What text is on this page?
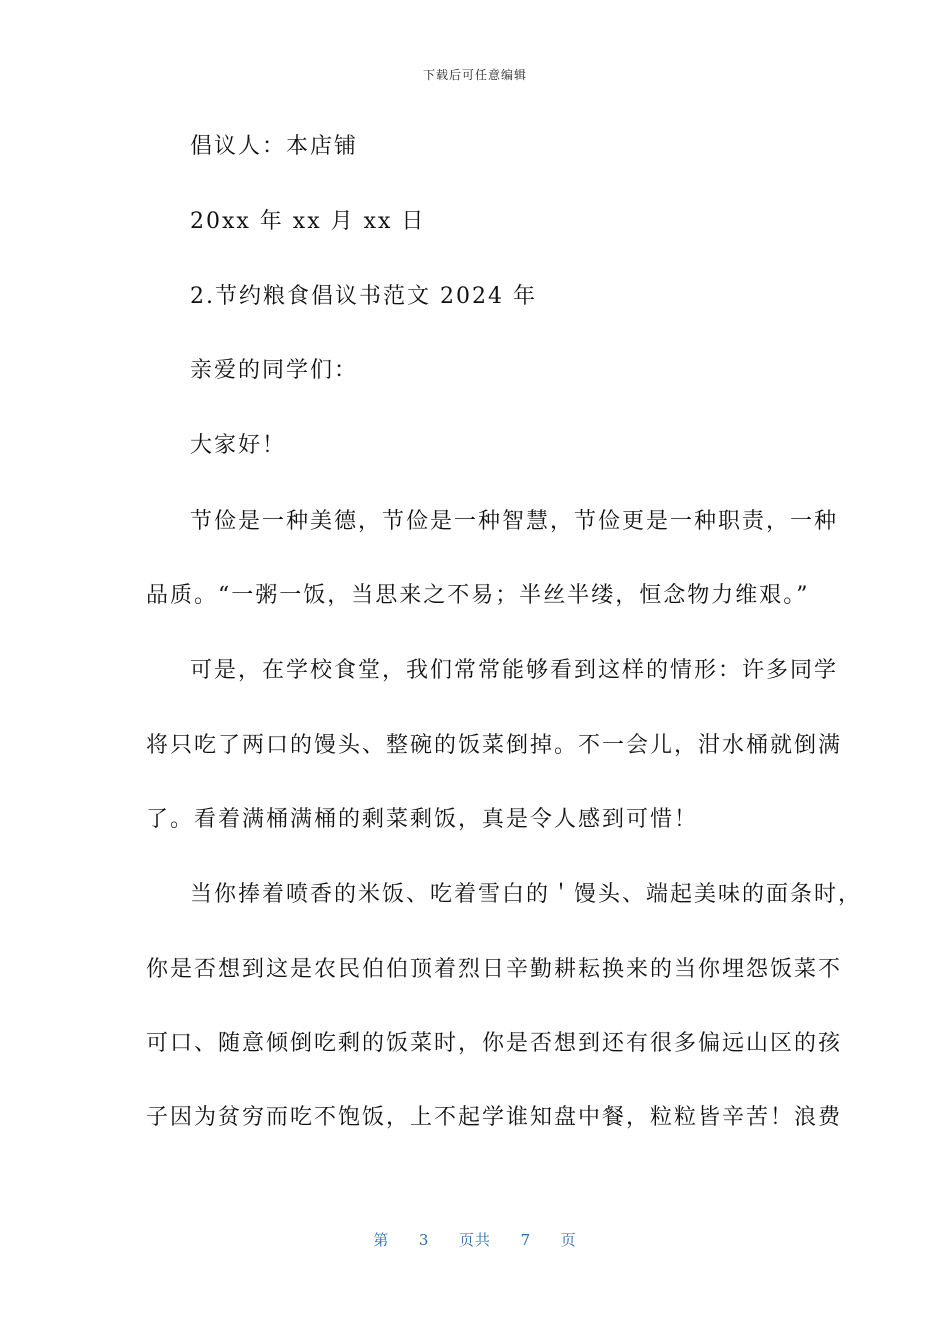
下载后可任意编辑
倡议人：本店铺
20xx 年 xx 月 xx 日
2.节约粮食倡议书范文 2024 年
亲爱的同学们：
大家好！
节俭是一种美德，节俭是一种智慧，节俭更是一种职责，一种
品质。“一粥一饭，当思来之不易；半丝半缕，恒念物力维艰。”
可是，在学校食堂，我们常常能够看到这样的情形：许多同学
将只吃了两口的馒头、整碗的饭菜倒掉。不一会儿，泔水桶就倒满
了。看着满桶满桶的剩菜剩饭，真是令人感到可惜！
当你捧着喷香的米饭、吃着雪白的＇馒头、端起美味的面条时，
你是否想到这是农民伯伯顶着烈日辛勤耕耘换来的当你埋怨饭菜不
可口、随意倾倒吃剩的饭菜时，你是否想到还有很多偏远山区的孩
子因为贫穷而吃不饱饭，上不起学谁知盘中餐，粒粒皆辛苦！浪费
第 3 页共 7 页
